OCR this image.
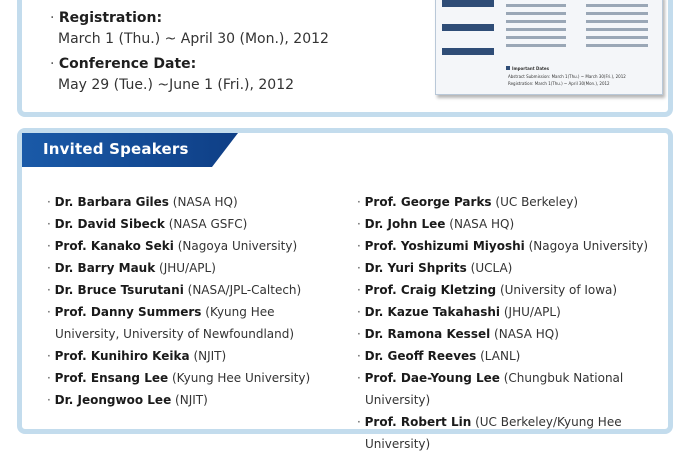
· Registration:
March 1 (Thu.) ~ April 30 (Mon.), 2012
· Conference Date:
May 29 (Tue.) ~June 1 (Fri.), 2012
Important Dates
Abstract Submission: March 1(Thu.) ~ March 30(Fri.), 2012
Registration: March 1(Thu.) ~ April 30(Mon.), 2012
Invited Speakers
· Dr. Barbara Giles (NASA HQ)
· Dr. David Sibeck (NASA GSFC)
· Prof. Kanako Seki (Nagoya University)
· Dr. Barry Mauk (JHU/APL)
· Dr. Bruce Tsurutani (NASA/JPL-Caltech)
· Prof. Danny Summers (Kyung Hee University, University of Newfoundland)
· Prof. Kunihiro Keika (NJIT)
· Prof. Ensang Lee (Kyung Hee University)
· Dr. Jeongwoo Lee (NJIT)
· Prof. George Parks (UC Berkeley)
· Dr. John Lee (NASA HQ)
· Prof. Yoshizumi Miyoshi (Nagoya University)
· Dr. Yuri Shprits (UCLA)
· Prof. Craig Kletzing (University of Iowa)
· Dr. Kazue Takahashi (JHU/APL)
· Dr. Ramona Kessel (NASA HQ)
· Dr. Geoff Reeves (LANL)
· Prof. Dae-Young Lee (Chungbuk National University)
· Prof. Robert Lin (UC Berkeley/Kyung Hee University)
